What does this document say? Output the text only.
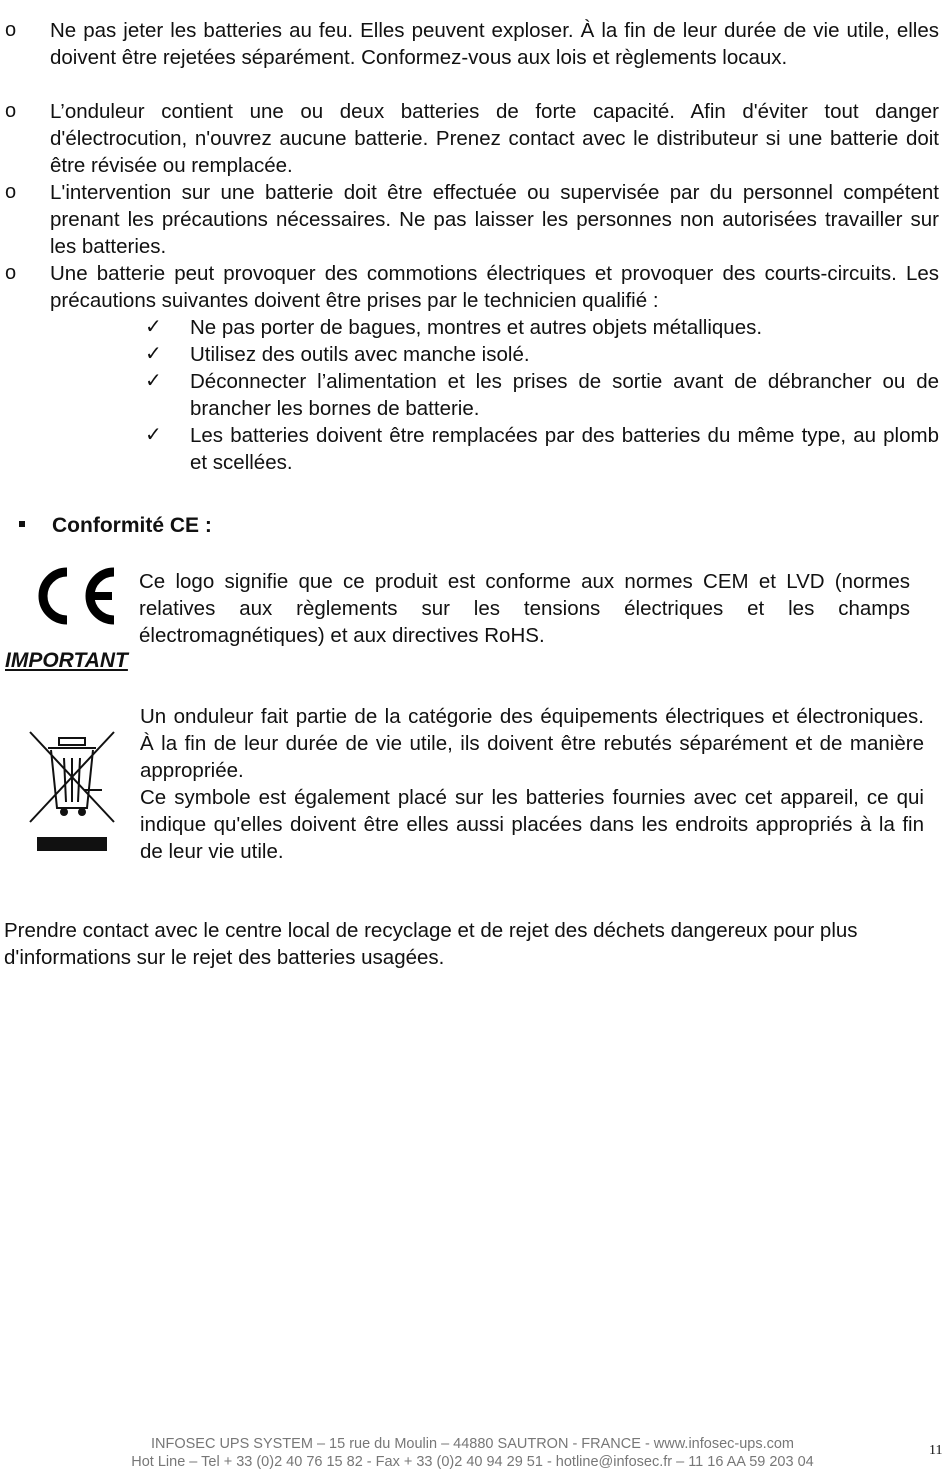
o Ne pas jeter les batteries au feu. Elles peuvent exploser. À la fin de leur durée de vie utile, elles doivent être rejetées séparément. Conformez-vous aux lois et règlements locaux.
o L’onduleur contient une ou deux batteries de forte capacité. Afin d'éviter tout danger d'électrocution, n'ouvrez aucune batterie. Prenez contact avec le distributeur si une batterie doit être révisée ou remplacée.
o L'intervention sur une batterie doit être effectuée ou supervisée par du personnel compétent prenant les précautions nécessaires. Ne pas laisser les personnes non autorisées travailler sur les batteries.
o Une batterie peut provoquer des commotions électriques et provoquer des courts-circuits. Les précautions suivantes doivent être prises par le technicien qualifié :
✓ Ne pas porter de bagues, montres et autres objets métalliques.
✓ Utilisez des outils avec manche isolé.
✓ Déconnecter l’alimentation et les prises de sortie avant de débrancher ou de brancher les bornes de batterie.
✓ Les batteries doivent être remplacées par des batteries du même type, au plomb et scellées.
Conformité CE :
Ce logo signifie que ce produit est conforme aux normes CEM et LVD (normes relatives aux règlements sur les tensions électriques et les champs électromagnétiques) et aux directives RoHS.
IMPORTANT
Un onduleur fait partie de la catégorie des équipements électriques et électroniques. À la fin de leur durée de vie utile, ils doivent être rebutés séparément et de manière appropriée.
Ce symbole est également placé sur les batteries fournies avec cet appareil, ce qui indique qu'elles doivent être elles aussi placées dans les endroits appropriés à la fin de leur vie utile.
Prendre contact avec le centre local de recyclage et de rejet des déchets dangereux pour plus d'informations sur le rejet des batteries usagées.
INFOSEC UPS SYSTEM – 15 rue du Moulin – 44880 SAUTRON - FRANCE - www.infosec-ups.com
Hot Line – Tel + 33 (0)2 40 76 15 82 - Fax + 33 (0)2 40 94 29 51 - hotline@infosec.fr – 11 16 AA 59 203 04
11
